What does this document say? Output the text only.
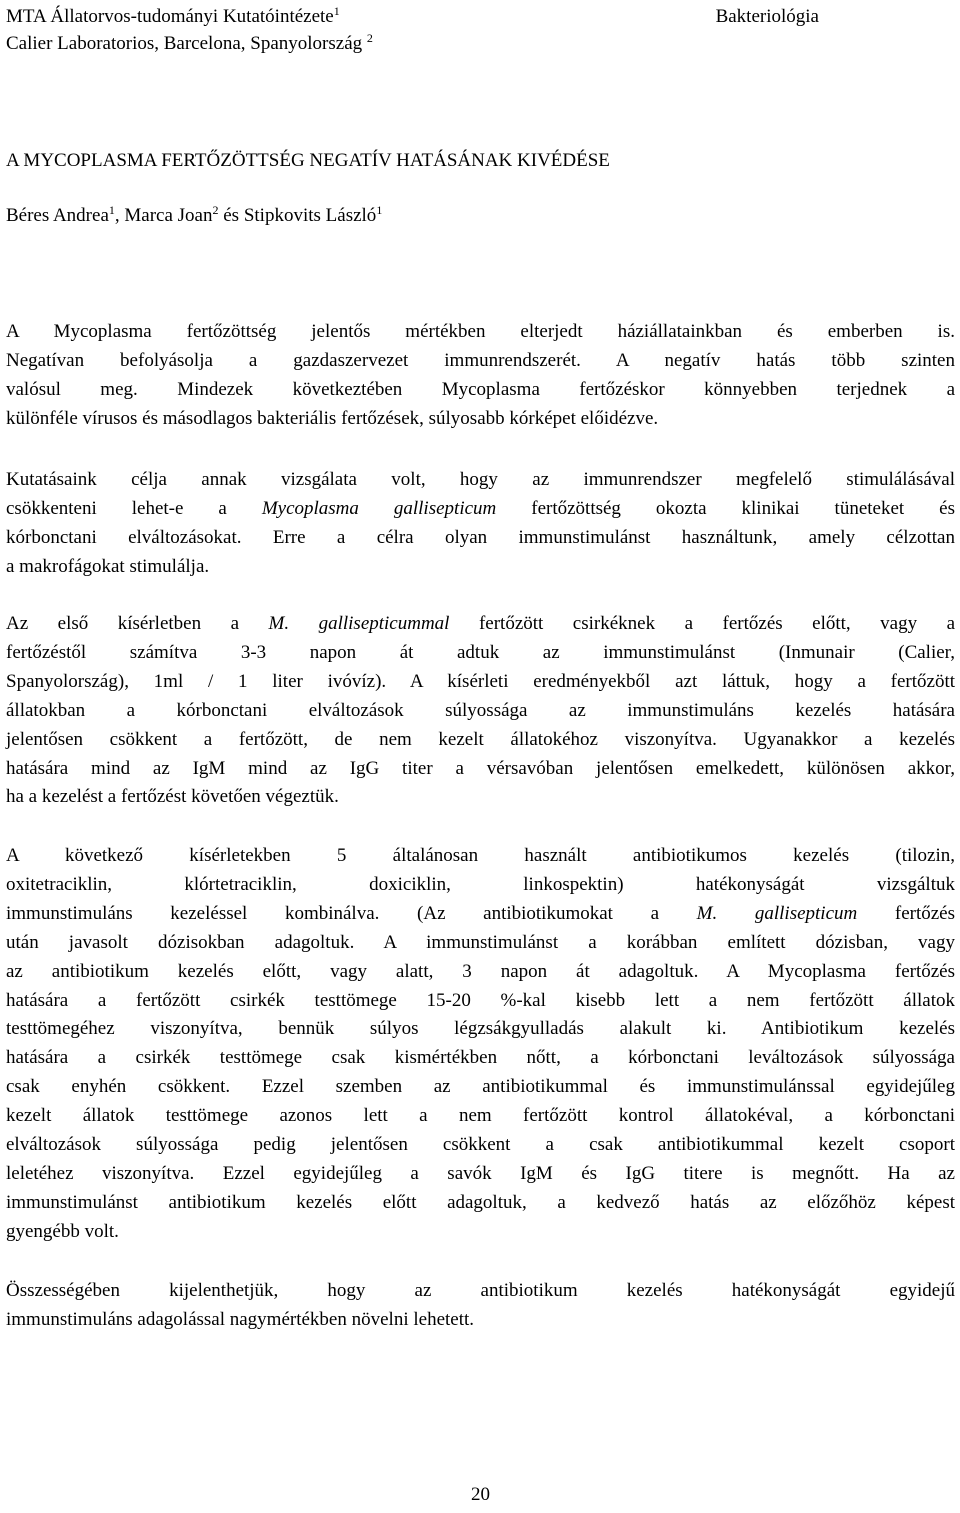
MTA Állatorvos-tudományi Kutatóintézete$^1$
Calier Laboratorios, Barcelona, Spanyolország $^2$
Bakteriológia
A MYCOPLASMA FERTŐZÖTTSÉG NEGATÍV HATÁSÁNAK KIVÉDÉSE
Béres Andrea$^1$, Marca Joan$^2$ és Stipkovits László$^1$
A Mycoplasma fertőzöttség jelentős mértékben elterjedt háziállatainkban és emberben is.
Negatívan befolyásolja a gazdaszervezet immunrendszerét. A negatív hatás több szinten
valósul meg. Mindezek következtében Mycoplasma fertőzéskor könnyebben terjednek a
különféle vírusos és másodlagos bakteriális fertőzések, súlyosabb kórképet előidézve.
Kutatásaink célja annak vizsgálata volt, hogy az immunrendszer megfelelő stimulálásával
csökkenteni lehet-e a Mycoplasma gallisepticum fertőzöttség okozta klinikai tüneteket és
kórbonctani elváltozásokat. Erre a célra olyan immunstimulánst használtunk, amely célzottan
a makrofágokat stimulálja.
Az első kísérletben a M. gallisepticummal fertőzött csirkéknek a fertőzés előtt, vagy a
fertőzéstől számítva 3-3 napon át adtuk az immunstimulánst (Inmunair (Calier,
Spanyolország), 1ml / 1 liter ivóvíz). A kísérleti eredményekből azt láttuk, hogy a fertőzött
állatokban a kórbonctani elváltozások súlyossága az immunstimuláns kezelés hatására
jelentősen csökkent a fertőzött, de nem kezelt állatokéhoz viszonyítva. Ugyanakkor a kezelés
hatására mind az IgM mind az IgG titer a vérsavóban jelentősen emelkedett, különösen akkor,
ha a kezelést a fertőzést követően végeztük.
A következő kísérletekben 5 általánosan használt antibiotikumos kezelés (tilozin,
oxitetraciklin, klórtetraciklin, doxiciklin, linkospektin) hatékonyságát vizsgáltuk
immunstimuláns kezeléssel kombinálva. (Az antibiotikumokat a M. gallisepticum fertőzés
után javasolt dózisokban adagoltuk. A immunstimulánst a korábban említett dózisban, vagy
az antibiotikum kezelés előtt, vagy alatt, 3 napon át adagoltuk. A Mycoplasma fertőzés
hatására a fertőzött csirkék testtömege 15-20 %-kal kisebb lett a nem fertőzött állatok
testtömegéhez viszonyítva, bennük súlyos légzsákgyulladás alakult ki. Antibiotikum kezelés
hatására a csirkék testtömege csak kismértékben nőtt, a kórbonctani leváltozások súlyossága
csak enyhén csökkent. Ezzel szemben az antibiotikummal és immunstimulánssal egyidejűleg
kezelt állatok testtömege azonos lett a nem fertőzött kontrol állatokéval, a kórbonctani
elváltozások súlyossága pedig jelentősen csökkent a csak antibiotikummal kezelt csoport
leletéhez viszonyítva. Ezzel egyidejűleg a savók IgM és IgG titere is megnőtt. Ha az
immunstimulánst antibiotikum kezelés előtt adagoltuk, a kedvező hatás az előzőhöz képest
gyengébb volt.
Összességében kijelenthetjük, hogy az antibiotikum kezelés hatékonyságát egyidejű
immunstimuláns adagolással nagymértékben növelni lehetett.
20
